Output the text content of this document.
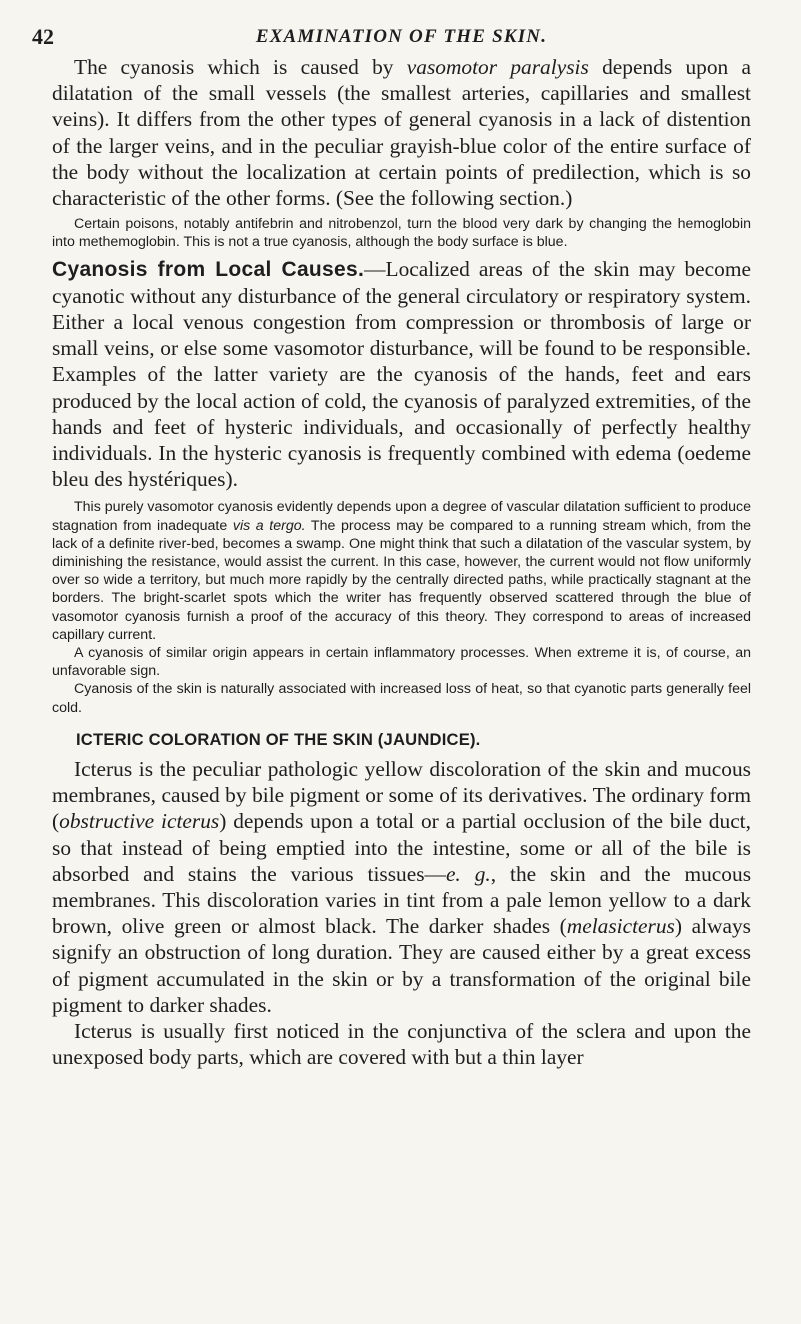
42	EXAMINATION OF THE SKIN.

The cyanosis which is caused by vasomotor paralysis depends upon a dilatation of the small vessels (the smallest arteries, capillaries and smallest veins). It differs from the other types of general cyanosis in a lack of distention of the larger veins, and in the peculiar grayish-blue color of the entire surface of the body without the localization at certain points of predilection, which is so characteristic of the other forms. (See the following section.)

Certain poisons, notably antifebrin and nitrobenzol, turn the blood very dark by changing the hemoglobin into methemoglobin. This is not a true cyanosis, although the body surface is blue.

Cyanosis from Local Causes.—Localized areas of the skin may become cyanotic without any disturbance of the general circulatory or respiratory system. Either a local venous congestion from compression or thrombosis of large or small veins, or else some vasomotor disturbance, will be found to be responsible. Examples of the latter variety are the cyanosis of the hands, feet and ears produced by the local action of cold, the cyanosis of paralyzed extremities, of the hands and feet of hysteric individuals, and occasionally of perfectly healthy individuals. In the hysteric cyanosis is frequently combined with edema (oedeme bleu des hystériques).

This purely vasomotor cyanosis evidently depends upon a degree of vascular dilatation sufficient to produce stagnation from inadequate vis a tergo. The process may be compared to a running stream which, from the lack of a definite river-bed, becomes a swamp. One might think that such a dilatation of the vascular system, by diminishing the resistance, would assist the current. In this case, however, the current would not flow uniformly over so wide a territory, but much more rapidly by the centrally directed paths, while practically stagnant at the borders. The bright-scarlet spots which the writer has frequently observed scattered through the blue of vasomotor cyanosis furnish a proof of the accuracy of this theory. They correspond to areas of increased capillary current.

A cyanosis of similar origin appears in certain inflammatory processes. When extreme it is, of course, an unfavorable sign.

Cyanosis of the skin is naturally associated with increased loss of heat, so that cyanotic parts generally feel cold.

ICTERIC COLORATION OF THE SKIN (JAUNDICE).

Icterus is the peculiar pathologic yellow discoloration of the skin and mucous membranes, caused by bile pigment or some of its derivatives. The ordinary form (obstructive icterus) depends upon a total or a partial occlusion of the bile duct, so that instead of being emptied into the intestine, some or all of the bile is absorbed and stains the various tissues—e. g., the skin and the mucous membranes. This discoloration varies in tint from a pale lemon yellow to a dark brown, olive green or almost black. The darker shades (melasicterus) always signify an obstruction of long duration. They are caused either by a great excess of pigment accumulated in the skin or by a transformation of the original bile pigment to darker shades.

Icterus is usually first noticed in the conjunctiva of the sclera and upon the unexposed body parts, which are covered with but a thin layer
